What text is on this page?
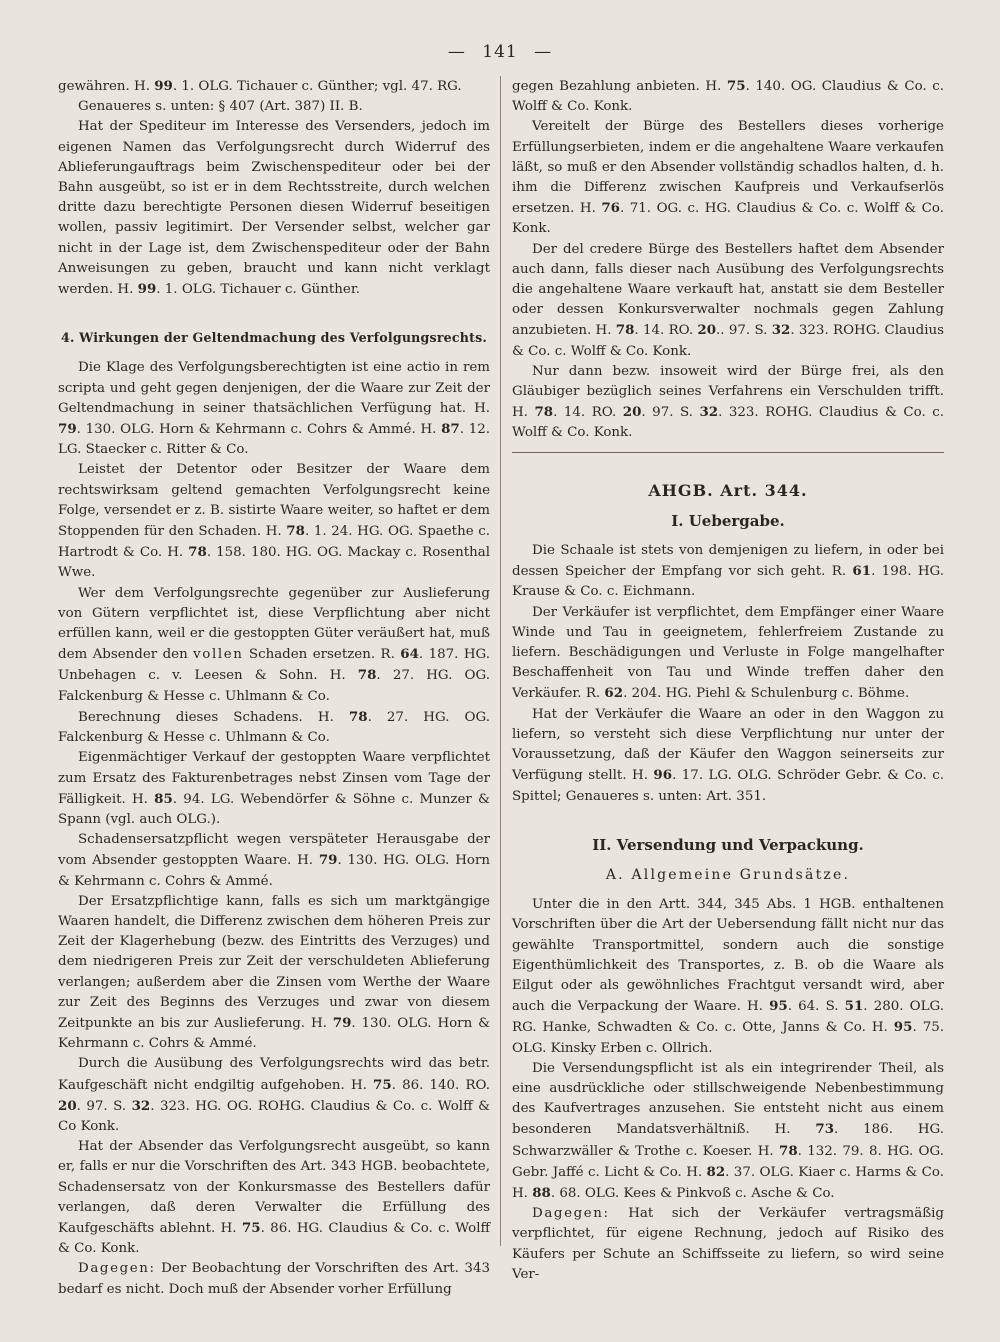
— 141 —

gewähren. H. 99. 1. OLG. Tichauer c. Günther; vgl. 47. RG.

Genaueres s. unten: § 407 (Art. 387) II. B.

Hat der Spediteur im Interesse des Versenders, jedoch im eigenen Namen das Verfolgungsrecht durch Widerruf des Ablieferungauftrags beim Zwischenspediteur oder bei der Bahn ausgeübt, so ist er in dem Rechtsstreite, durch welchen dritte dazu berechtigte Personen diesen Widerruf beseitigen wollen, passiv legitimirt. Der Versender selbst, welcher gar nicht in der Lage ist, dem Zwischenspediteur oder der Bahn Anweisungen zu geben, braucht und kann nicht verklagt werden. H. 99. 1. OLG. Tichauer c. Günther.

4. Wirkungen der Geltendmachung des Verfolgungsrechts.

Die Klage des Verfolgungsberechtigten ist eine actio in rem scripta und geht gegen denjenigen, der die Waare zur Zeit der Geltendmachung in seiner thatsächlichen Verfügung hat. H. 79. 130. OLG. Horn & Kehrmann c. Cohrs & Ammé. H. 87. 12. LG. Staecker c. Ritter & Co.

Leistet der Detentor oder Besitzer der Waare dem rechtswirksam geltend gemachten Verfolgungsrecht keine Folge, versendet er z. B. sistirte Waare weiter, so haftet er dem Stoppenden für den Schaden. H. 78. 1. 24. HG. OG. Spaethe c. Hartrodt & Co. H. 78. 158. 180. HG. OG. Mackay c. Rosenthal Wwe.

Wer dem Verfolgungsrechte gegenüber zur Auslieferung von Gütern verpflichtet ist, diese Verpflichtung aber nicht erfüllen kann, weil er die gestoppten Güter veräußert hat, muß dem Absender den vollen Schaden ersetzen. R. 64. 187. HG. Unbehagen c. v. Leesen & Sohn. H. 78. 27. HG. OG. Falckenburg & Hesse c. Uhlmann & Co.

Berechnung dieses Schadens. H. 78. 27. HG. OG. Falckenburg & Hesse c. Uhlmann & Co.

Eigenmächtiger Verkauf der gestoppten Waare verpflichtet zum Ersatz des Fakturenbetrages nebst Zinsen vom Tage der Fälligkeit. H. 85. 94. LG. Webendörfer & Söhne c. Munzer & Spann (vgl. auch OLG.).

Schadensersatzpflicht wegen verspäteter Herausgabe der vom Absender gestoppten Waare. H. 79. 130. HG. OLG. Horn & Kehrmann c. Cohrs & Ammé.

Der Ersatzpflichtige kann, falls es sich um marktgängige Waaren handelt, die Differenz zwischen dem höheren Preis zur Zeit der Klagerhebung (bezw. des Eintritts des Verzuges) und dem niedrigeren Preis zur Zeit der verschuldeten Ablieferung verlangen; außerdem aber die Zinsen vom Werthe der Waare zur Zeit des Beginns des Verzuges und zwar von diesem Zeitpunkte an bis zur Auslieferung. H. 79. 130. OLG. Horn & Kehrmann c. Cohrs & Ammé.

Durch die Ausübung des Verfolgungsrechts wird das betr. Kaufgeschäft nicht endgiltig aufgehoben. H. 75. 86. 140. RO. 20. 97. S. 32. 323. HG. OG. ROHG. Claudius & Co. c. Wolff & Co Konk.

Hat der Absender das Verfolgungsrecht ausgeübt, so kann er, falls er nur die Vorschriften des Art. 343 HGB. beobachtete, Schadensersatz von der Konkursmasse des Bestellers dafür verlangen, daß deren Verwalter die Erfüllung des Kaufgeschäfts ablehnt. H. 75. 86. HG. Claudius & Co. c. Wolff & Co. Konk.

Dagegen: Der Beobachtung der Vorschriften des Art. 343 bedarf es nicht. Doch muß der Absender vorher Erfüllung

gegen Bezahlung anbieten. H. 75. 140. OG. Claudius & Co. c. Wolff & Co. Konk.

Vereitelt der Bürge des Bestellers dieses vorherige Erfüllungserbieten, indem er die angehaltene Waare verkaufen läßt, so muß er den Absender vollständig schadlos halten, d. h. ihm die Differenz zwischen Kaufpreis und Verkaufserlös ersetzen. H. 76. 71. OG. c. HG. Claudius & Co. c. Wolff & Co. Konk.

Der del credere Bürge des Bestellers haftet dem Absender auch dann, falls dieser nach Ausübung des Verfolgungsrechts die angehaltene Waare verkauft hat, anstatt sie dem Besteller oder dessen Konkursverwalter nochmals gegen Zahlung anzubieten. H. 78. 14. RO. 20.. 97. S. 32. 323. ROHG. Claudius & Co. c. Wolff & Co. Konk.

Nur dann bezw. insoweit wird der Bürge frei, als den Gläubiger bezüglich seines Verfahrens ein Verschulden trifft. H. 78. 14. RO. 20. 97. S. 32. 323. ROHG. Claudius & Co. c. Wolff & Co. Konk.

AHGB. Art. 344.

I. Uebergabe.

Die Schaale ist stets von demjenigen zu liefern, in oder bei dessen Speicher der Empfang vor sich geht. R. 61. 198. HG. Krause & Co. c. Eichmann.

Der Verkäufer ist verpflichtet, dem Empfänger einer Waare Winde und Tau in geeignetem, fehlerfreiem Zustande zu liefern. Beschädigungen und Verluste in Folge mangelhafter Beschaffenheit von Tau und Winde treffen daher den Verkäufer. R. 62. 204. HG. Piehl & Schulenburg c. Böhme.

Hat der Verkäufer die Waare an oder in den Waggon zu liefern, so versteht sich diese Verpflichtung nur unter der Voraussetzung, daß der Käufer den Waggon seinerseits zur Verfügung stellt. H. 96. 17. LG. OLG. Schröder Gebr. & Co. c. Spittel; Genaueres s. unten: Art. 351.

II. Versendung und Verpackung.

A. Allgemeine Grundsätze.

Unter die in den Artt. 344, 345 Abs. 1 HGB. enthaltenen Vorschriften über die Art der Uebersendung fällt nicht nur das gewählte Transportmittel, sondern auch die sonstige Eigenthümlichkeit des Transportes, z. B. ob die Waare als Eilgut oder als gewöhnliches Frachtgut versandt wird, aber auch die Verpackung der Waare. H. 95. 64. S. 51. 280. OLG. RG. Hanke, Schwadten & Co. c. Otte, Janns & Co. H. 95. 75. OLG. Kinsky Erben c. Ollrich.

Die Versendungspflicht ist als ein integrirender Theil, als eine ausdrückliche oder stillschweigende Nebenbestimmung des Kaufvertrages anzusehen. Sie entsteht nicht aus einem besonderen Mandatsverhältniß. H. 73. 186. HG. Schwarzwäller & Trothe c. Koeser. H. 78. 132. 79. 8. HG. OG. Gebr. Jaffé c. Licht & Co. H. 82. 37. OLG. Kiaer c. Harms & Co. H. 88. 68. OLG. Kees & Pinkvoß c. Asche & Co.

Dagegen: Hat sich der Verkäufer vertragsmäßig verpflichtet, für eigene Rechnung, jedoch auf Risiko des Käufers per Schute an Schiffsseite zu liefern, so wird seine Ver-
